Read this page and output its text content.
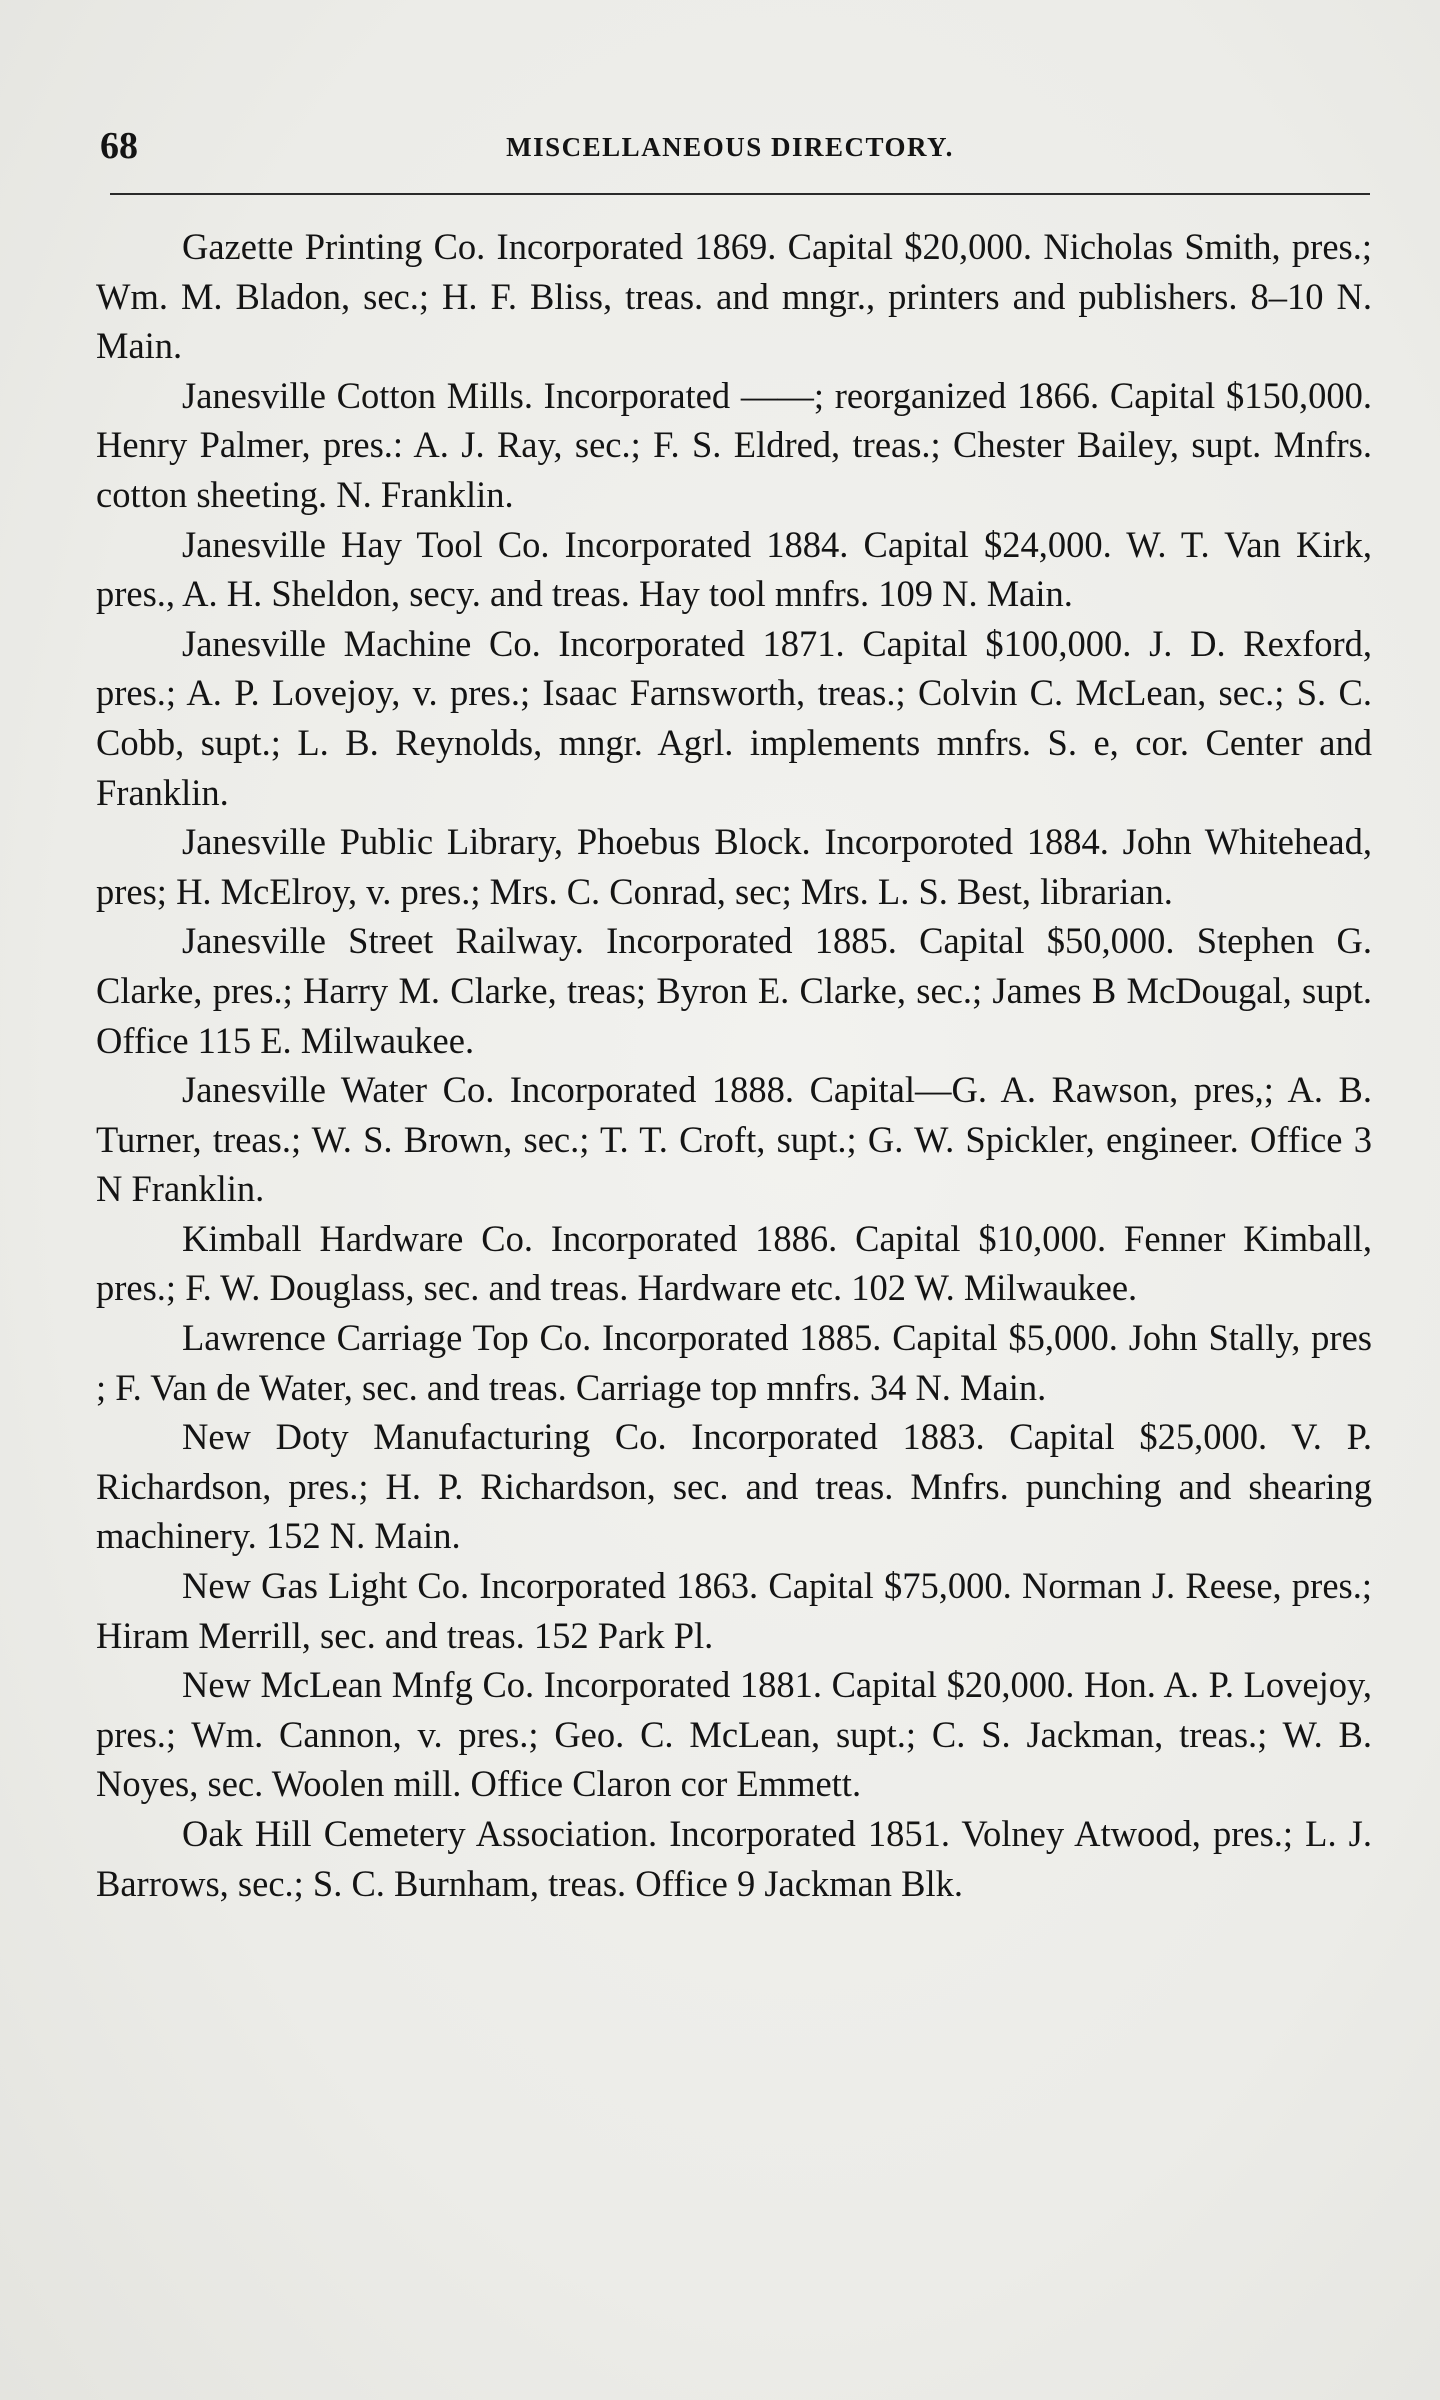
68	MISCELLANEOUS DIRECTORY.

Gazette Printing Co. Incorporated 1869. Capital $20,000. Nicholas Smith, pres.; Wm. M. Bladon, sec.; H. F. Bliss, treas. and mngr., printers and publishers. 8–10 N. Main.

Janesville Cotton Mills. Incorporated ——; reorganized 1866. Capital $150,000. Henry Palmer, pres.: A. J. Ray, sec.; F. S. Eldred, treas.; Chester Bailey, supt. Mnfrs. cotton sheeting. N. Franklin.

Janesville Hay Tool Co. Incorporated 1884. Capital $24,000. W. T. Van Kirk, pres., A. H. Sheldon, secy. and treas. Hay tool mnfrs. 109 N. Main.

Janesville Machine Co. Incorporated 1871. Capital $100,000. J. D. Rexford, pres.; A. P. Lovejoy, v. pres.; Isaac Farnsworth, treas.; Colvin C. McLean, sec.; S. C. Cobb, supt.; L. B. Reynolds, mngr. Agrl. implements mnfrs. S. e, cor. Center and Franklin.

Janesville Public Library, Phoebus Block. Incorporoted 1884. John Whitehead, pres; H. McElroy, v. pres.; Mrs. C. Conrad, sec; Mrs. L. S. Best, librarian.

Janesville Street Railway. Incorporated 1885. Capital $50,000. Stephen G. Clarke, pres.; Harry M. Clarke, treas; Byron E. Clarke, sec.; James B McDougal, supt. Office 115 E. Milwaukee.

Janesville Water Co. Incorporated 1888. Capital—G. A. Rawson, pres,; A. B. Turner, treas.; W. S. Brown, sec.; T. T. Croft, supt.; G. W. Spickler, engineer. Office 3 N Franklin.

Kimball Hardware Co. Incorporated 1886. Capital $10,000. Fenner Kimball, pres.; F. W. Douglass, sec. and treas. Hardware etc. 102 W. Milwaukee.

Lawrence Carriage Top Co. Incorporated 1885. Capital $5,000. John Stally, pres ; F. Van de Water, sec. and treas. Carriage top mnfrs. 34 N. Main.

New Doty Manufacturing Co. Incorporated 1883. Capital $25,000. V. P. Richardson, pres.; H. P. Richardson, sec. and treas. Mnfrs. punching and shearing machinery. 152 N. Main.

New Gas Light Co. Incorporated 1863. Capital $75,000. Norman J. Reese, pres.; Hiram Merrill, sec. and treas. 152 Park Pl.

New McLean Mnfg Co. Incorporated 1881. Capital $20,000. Hon. A. P. Lovejoy, pres.; Wm. Cannon, v. pres.; Geo. C. McLean, supt.; C. S. Jackman, treas.; W. B. Noyes, sec. Woolen mill. Office Claron cor Emmett.

Oak Hill Cemetery Association. Incorporated 1851. Volney Atwood, pres.; L. J. Barrows, sec.; S. C. Burnham, treas. Office 9 Jackman Blk.
